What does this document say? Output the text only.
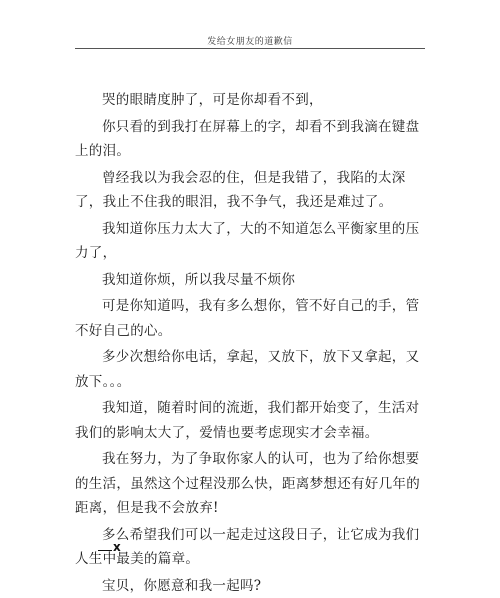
发给女朋友的道歉信

哭的眼睛度肿了，可是你却看不到，

你只看的到我打在屏幕上的字，却看不到我滴在键盘上的泪。

曾经我以为我会忍的住，但是我错了，我陷的太深了，我止不住我的眼泪，我不争气，我还是难过了。

我知道你压力太大了，大的不知道怎么平衡家里的压力了，

我知道你烦，所以我尽量不烦你

可是你知道吗，我有多么想你，管不好自己的手，管不好自己的心。

多少次想给你电话，拿起，又放下，放下又拿起，又放下。。。

我知道，随着时间的流逝，我们都开始变了，生活对我们的影响太大了，爱情也要考虑现实才会幸福。

我在努力，为了争取你家人的认可，也为了给你想要的生活，虽然这个过程没那么快，距离梦想还有好几年的距离，但是我不会放弃!

多么希望我们可以一起走过这段日子，让它成为我们人生中最美的篇章。

宝贝，你愿意和我一起吗?

x
